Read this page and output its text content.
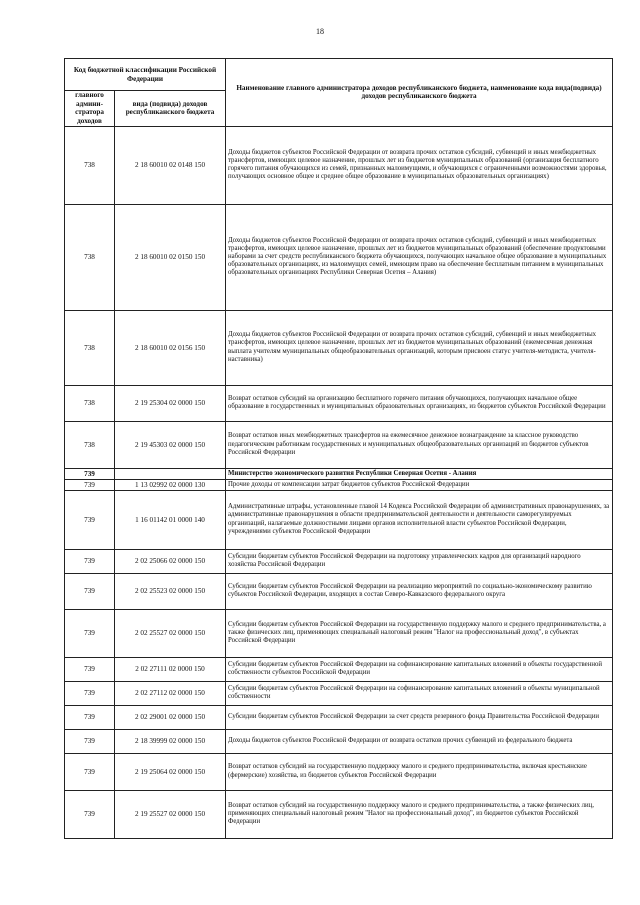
18
Код бюджетной классификации Российской Федерации		Наименование главного администратора доходов республиканского бюджета, наименование кода вида(подвида) доходов республиканского бюджета
главного админи-стратора доходов	вида (подвида) доходов республиканского бюджета	
738	2 18 60010 02 0148 150	Доходы бюджетов субъектов Российской Федерации от возврата прочих остатков субсидий, субвенций и иных межбюджетных трансфертов, имеющих целевое назначение, прошлых лет из бюджетов муниципальных образований (организация бесплатного горячего питания обучающихся из семей, признанных малоимущими, и обучающихся с ограниченными возможностями здоровья, получающих основное общее и среднее общее образование в муниципальных образовательных организациях)
738	2 18 60010 02 0150 150	Доходы бюджетов субъектов Российской Федерации от возврата прочих остатков субсидий, субвенций и иных межбюджетных трансфертов, имеющих целевое назначение, прошлых лет из бюджетов муниципальных образований (обеспечение продуктовыми наборами за счет средств республиканского бюджета обучающихся, получающих начальное общее образование в муниципальных образовательных организациях, из малоимущих семей, имеющим право на обеспечение бесплатным питанием в муниципальных образовательных организациях Республики Северная Осетия – Алания)
738	2 18 60010 02 0156 150	Доходы бюджетов субъектов Российской Федерации от возврата прочих остатков субсидий, субвенций и иных межбюджетных трансфертов, имеющих целевое назначение, прошлых лет из бюджетов муниципальных образований (ежемесячная денежная выплата учителям муниципальных общеобразовательных организаций, которым присвоен статус учителя-методиста, учителя-наставника)
738	2 19 25304 02 0000 150	Возврат остатков субсидий на организацию бесплатного горячего питания обучающихся, получающих начальное общее образование в государственных и муниципальных образовательных организациях, из бюджетов субъектов Российской Федерации
738	2 19 45303 02 0000 150	Возврат остатков иных межбюджетных трансфертов на ежемесячное денежное вознаграждение за классное руководство педагогическим работникам государственных и муниципальных общеобразовательных организаций из бюджетов субъектов Российской Федерации
739		Министерство экономического развития Республики Северная Осетия - Алания
739	1 13 02992 02 0000 130	Прочие доходы от компенсации затрат бюджетов субъектов Российской Федерации
739	1 16 01142 01 0000 140	Административные штрафы, установленные главой 14 Кодекса Российской Федерации об административных правонарушениях, за административные правонарушения в области предпринимательской деятельности и деятельности саморегулируемых организаций, налагаемые должностными лицами органов исполнительной власти субъектов Российской Федерации, учреждениями субъектов Российской Федерации
739	2 02 25066 02 0000 150	Субсидии бюджетам субъектов Российской Федерации на подготовку управленческих кадров для организаций народного хозяйства Российской Федерации
739	2 02 25523 02 0000 150	Субсидии бюджетам субъектов Российской Федерации на реализацию мероприятий по социально-экономическому развитию субъектов Российской Федерации, входящих в состав Северо-Кавказского федерального округа
739	2 02 25527 02 0000 150	Субсидии бюджетам субъектов Российской Федерации на государственную поддержку малого и среднего предпринимательства, а также физических лиц, применяющих специальный налоговый режим "Налог на профессиональный доход", в субъектах Российской Федерации
739	2 02 27111 02 0000 150	Субсидии бюджетам субъектов Российской Федерации на софинансирование капитальных вложений в объекты государственной собственности субъектов Российской Федерации
739	2 02 27112 02 0000 150	Субсидии бюджетам субъектов Российской Федерации на софинансирование капитальных вложений в объекты муниципальной собственности
739	2 02 29001 02 0000 150	Субсидии бюджетам субъектов Российской Федерации за счет средств резервного фонда Правительства Российской Федерации
739	2 18 39999 02 0000 150	Доходы бюджетов субъектов Российской Федерации от возврата остатков прочих субвенций из федерального бюджета
739	2 19 25064 02 0000 150	Возврат остатков субсидий на государственную поддержку малого и среднего предпринимательства, включая крестьянские (фермерские) хозяйства, из бюджетов субъектов Российской Федерации
739	2 19 25527 02 0000 150	Возврат остатков субсидий на государственную поддержку малого и среднего предпринимательства, а также физических лиц, применяющих специальный налоговый режим "Налог на профессиональный доход", из бюджетов субъектов Российской Федерации
